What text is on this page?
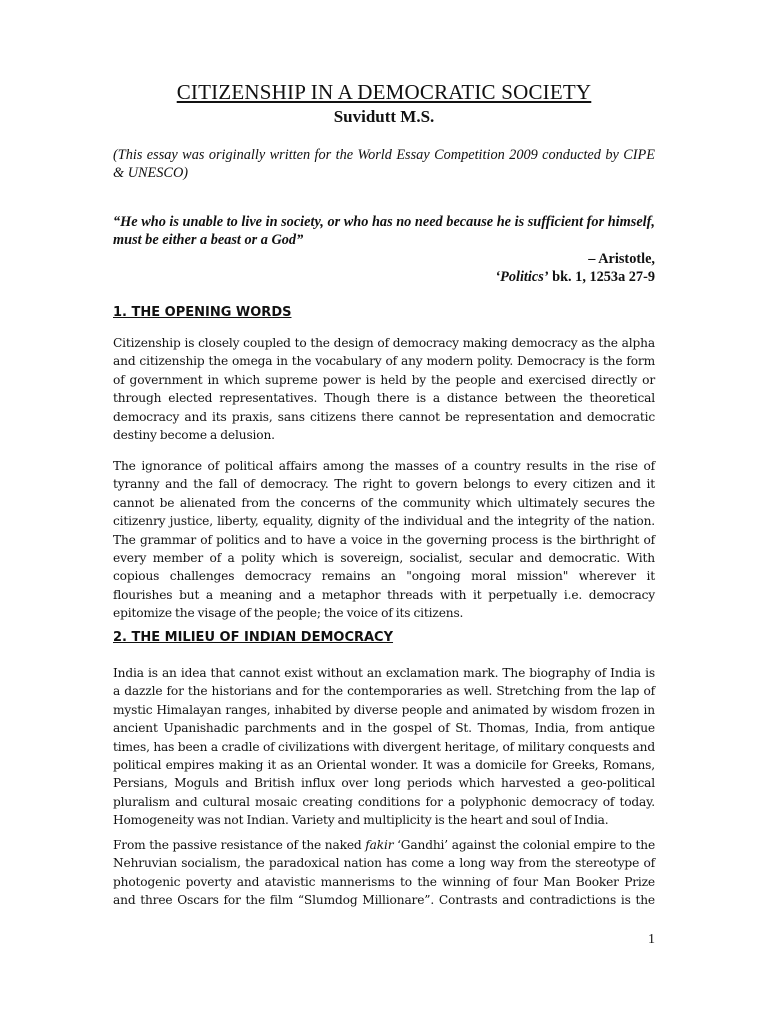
CITIZENSHIP IN A DEMOCRATIC SOCIETY
Suvidutt M.S.
(This essay was originally written for the World Essay Competition 2009 conducted by CIPE & UNESCO)
“He who is unable to live in society, or who has no need because he is sufficient for himself, must be either a beast or a God”
– Aristotle,
‘Politics’ bk. 1, 1253a 27-9
1. THE OPENING WORDS
Citizenship is closely coupled to the design of democracy making democracy as the alpha
and citizenship the omega in the vocabulary of any modern polity. Democracy is the form
of government in which supreme power is held by the people and exercised directly or
through elected representatives. Though there is a distance between the theoretical
democracy and its praxis, sans citizens there cannot be representation and democratic
destiny become a delusion.
The ignorance of political affairs among the masses of a country results in the rise of
tyranny and the fall of democracy. The right to govern belongs to every citizen and it
cannot be alienated from the concerns of the community which ultimately secures the
citizenry justice, liberty, equality, dignity of the individual and the integrity of the nation.
The grammar of politics and to have a voice in the governing process is the birthright of
every member of a polity which is sovereign, socialist, secular and democratic. With
copious challenges democracy remains an "ongoing moral mission" wherever it
flourishes but a meaning and a metaphor threads with it perpetually i.e. democracy
epitomize the visage of the people; the voice of its citizens.
2. THE MILIEU OF INDIAN DEMOCRACY
India is an idea that cannot exist without an exclamation mark. The biography of India is
a dazzle for the historians and for the contemporaries as well. Stretching from the lap of
mystic Himalayan ranges, inhabited by diverse people and animated by wisdom frozen in
ancient Upanishadic parchments and in the gospel of St. Thomas, India, from antique
times, has been a cradle of civilizations with divergent heritage, of military conquests and
political empires making it as an Oriental wonder. It was a domicile for Greeks, Romans,
Persians, Moguls and British influx over long periods which harvested a geo-political
pluralism and cultural mosaic creating conditions for a polyphonic democracy of today.
Homogeneity was not Indian. Variety and multiplicity is the heart and soul of India.
From the passive resistance of the naked fakir ‘Gandhi’ against the colonial empire to the
Nehruvian socialism, the paradoxical nation has come a long way from the stereotype of
photogenic poverty and atavistic mannerisms to the winning of four Man Booker Prize
and three Oscars for the film “Slumdog Millionare”. Contrasts and contradictions is the
1
